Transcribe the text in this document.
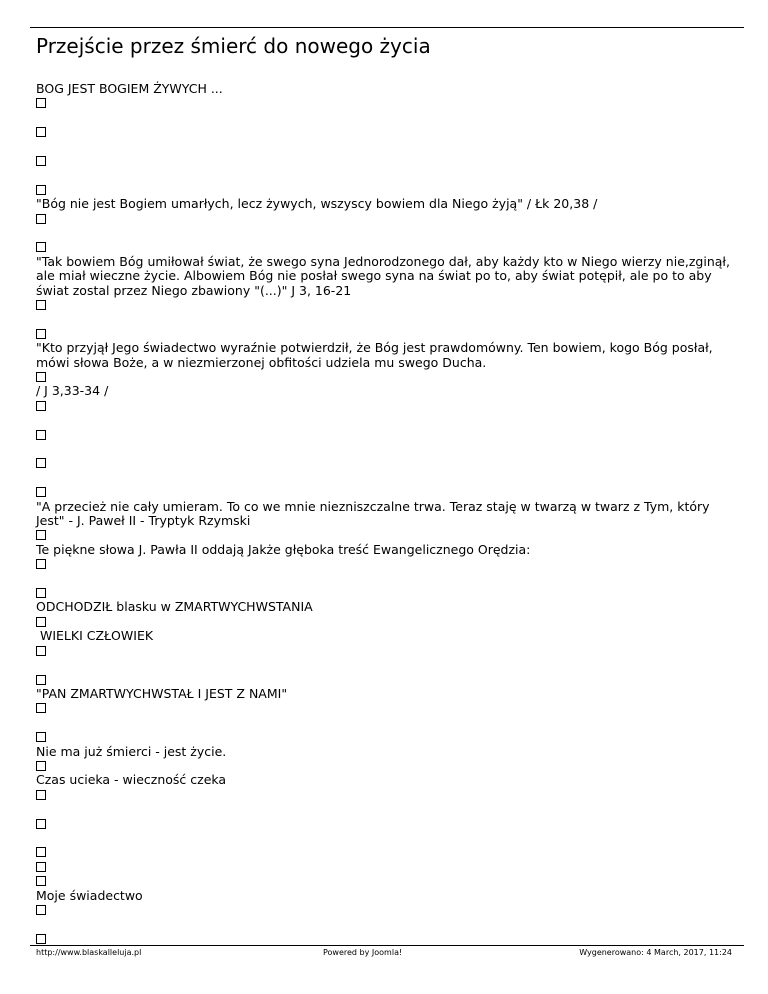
Przejście przez śmierć do nowego życia

BOG JEST BOGIEM ŻYWYCH ...

"Bóg nie jest Bogiem umarłych, lecz żywych, wszyscy bowiem dla Niego żyją" / Łk 20,38 /

"Tak bowiem Bóg umiłował świat, że swego syna Jednorodzonego dał, aby każdy kto w Niego wierzy nie,zginął, ale miał wieczne życie. Albowiem Bóg nie posłał swego syna na świat po to, aby świat potępił, ale po to aby świat zostal przez Niego zbawiony "(...)" J 3, 16-21

"Kto przyjął Jego świadectwo wyraźnie potwierdził, że Bóg jest prawdomówny. Ten bowiem, kogo Bóg posłał, mówi słowa Boże, a w niezmierzonej obfitości udziela mu swego Ducha.

/ J 3,33-34 /

"A przecież nie cały umieram. To co we mnie niezniszczalne trwa. Teraz staję w twarzą w twarz z Tym, który Jest" - J. Paweł II - Tryptyk Rzymski

Te piękne słowa J. Pawła II oddają Jakże głęboka treść Ewangelicznego Orędzia:

ODCHODZIŁ blasku w ZMARTWYCHWSTANIA

WIELKI CZŁOWIEK

"PAN ZMARTWYCHWSTAŁ I JEST Z NAMI"

Nie ma już śmierci - jest życie.

Czas ucieka - wieczność czeka

Moje świadectwo

http://www.blaskalleluja.pl	Powered by Joomla!	Wygenerowano: 4 March, 2017, 11:24
